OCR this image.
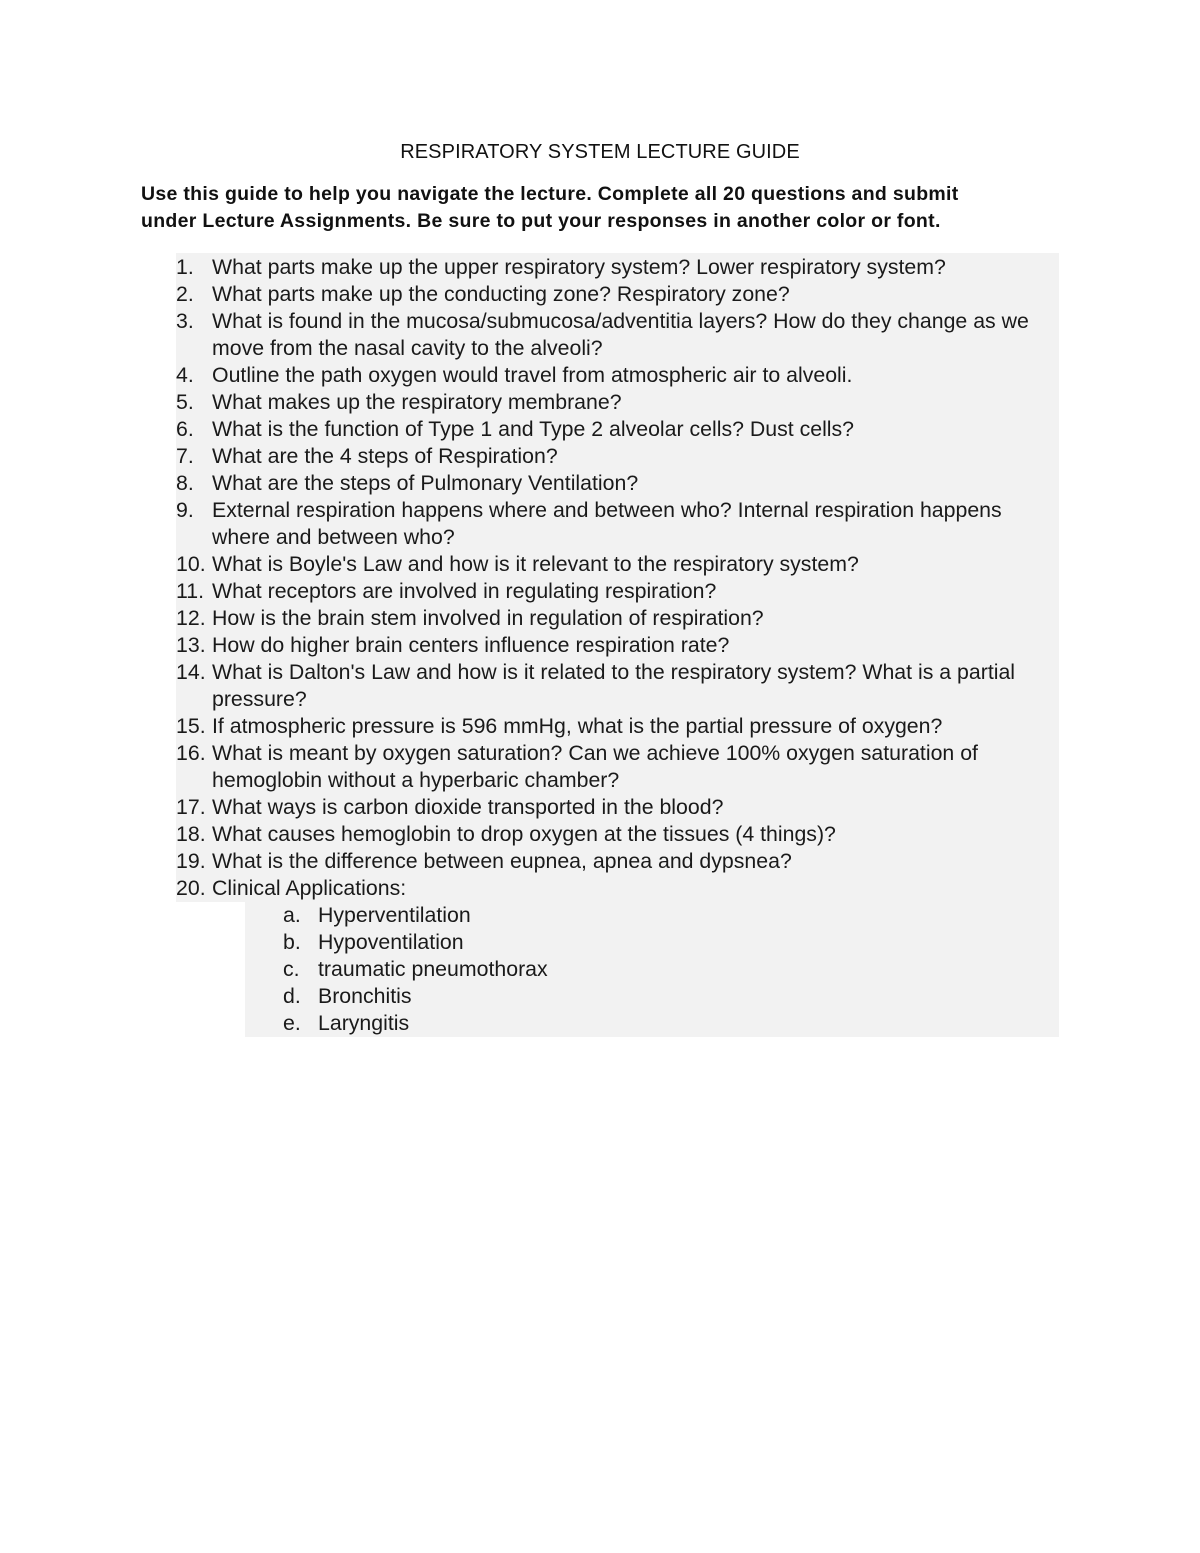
RESPIRATORY SYSTEM LECTURE GUIDE
Use this guide to help you navigate the lecture. Complete all 20 questions and submit
under Lecture Assignments. Be sure to put your responses in another color or font.
1. What parts make up the upper respiratory system? Lower respiratory system?
2. What parts make up the conducting zone? Respiratory zone?
3. What is found in the mucosa/submucosa/adventitia layers? How do they change as we move from the nasal cavity to the alveoli?
4. Outline the path oxygen would travel from atmospheric air to alveoli.
5. What makes up the respiratory membrane?
6. What is the function of Type 1 and Type 2 alveolar cells? Dust cells?
7. What are the 4 steps of Respiration?
8. What are the steps of Pulmonary Ventilation?
9. External respiration happens where and between who? Internal respiration happens where and between who?
10. What is Boyle's Law and how is it relevant to the respiratory system?
11. What receptors are involved in regulating respiration?
12. How is the brain stem involved in regulation of respiration?
13. How do higher brain centers influence respiration rate?
14. What is Dalton's Law and how is it related to the respiratory system? What is a partial pressure?
15. If atmospheric pressure is 596 mmHg, what is the partial pressure of oxygen?
16. What is meant by oxygen saturation? Can we achieve 100% oxygen saturation of hemoglobin without a hyperbaric chamber?
17. What ways is carbon dioxide transported in the blood?
18. What causes hemoglobin to drop oxygen at the tissues (4 things)?
19. What is the difference between eupnea, apnea and dypsnea?
20. Clinical Applications:
a. Hyperventilation
b. Hypoventilation
c. traumatic pneumothorax
d. Bronchitis
e. Laryngitis
